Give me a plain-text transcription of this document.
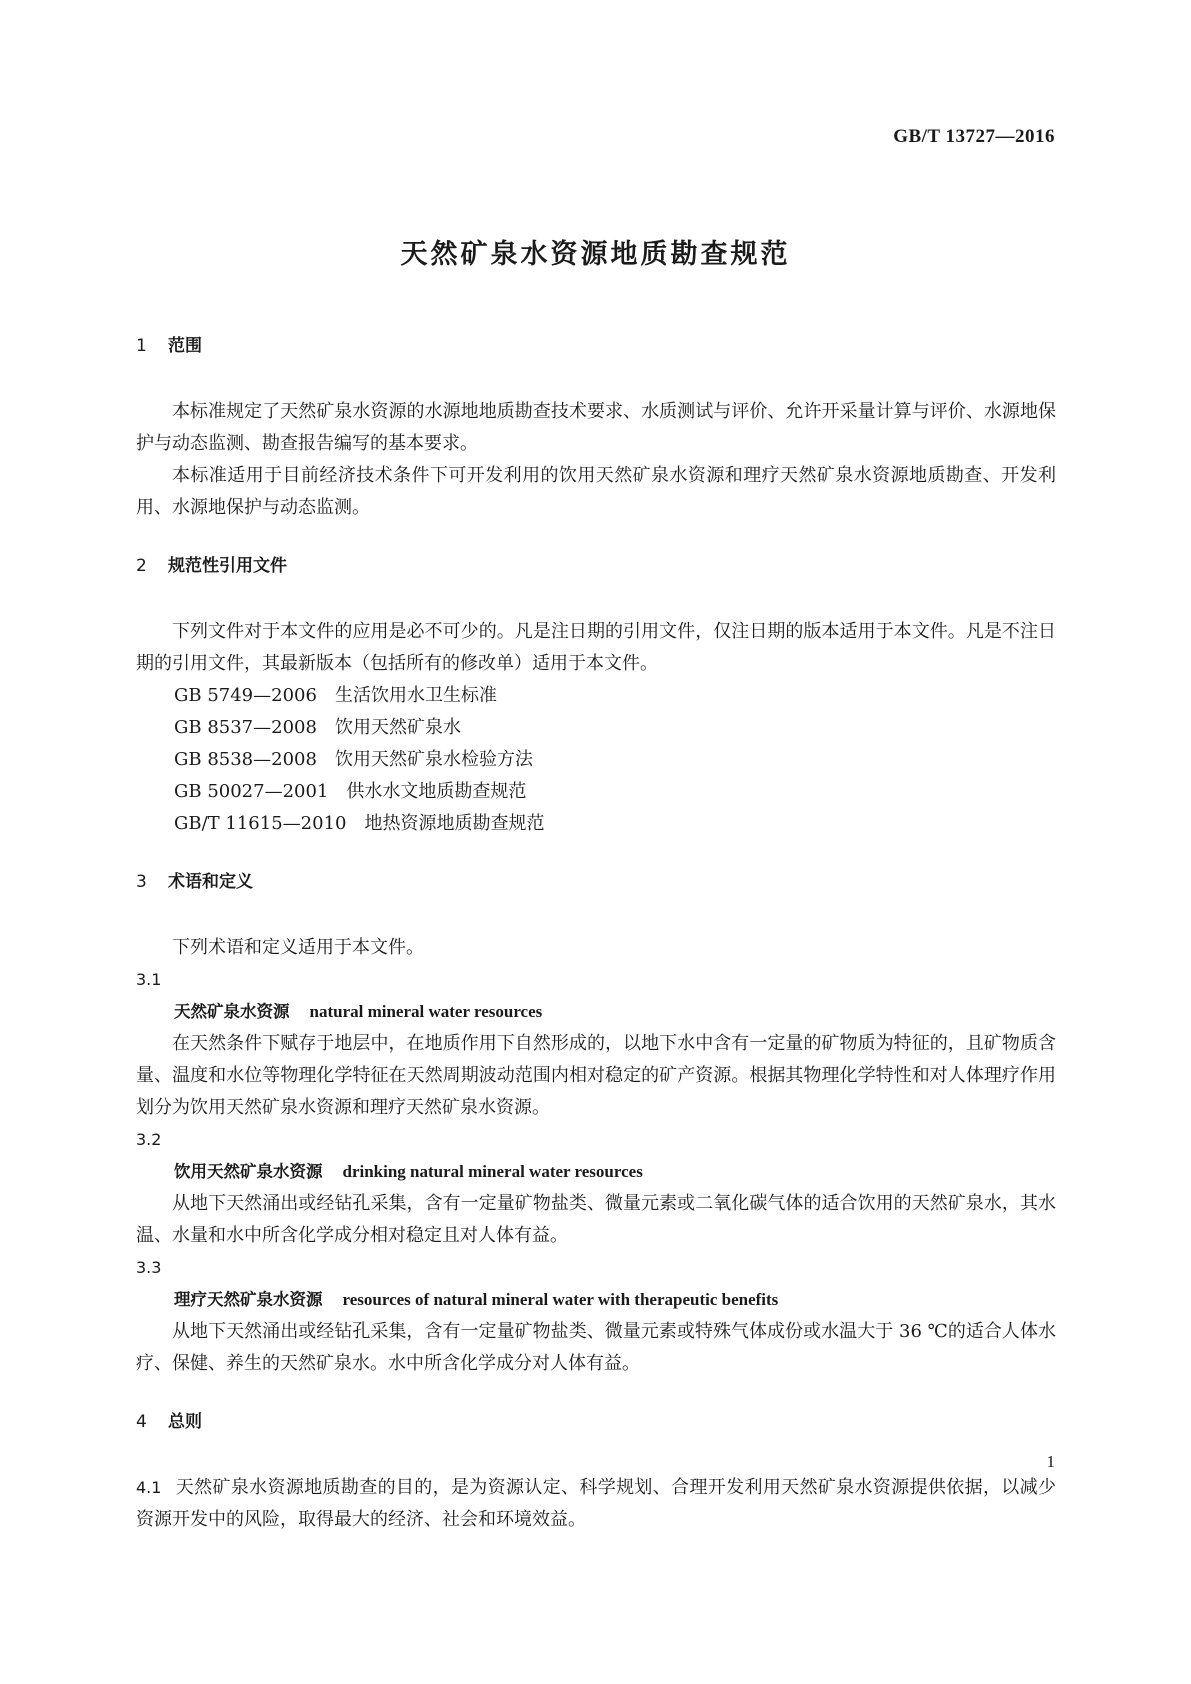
GB/T 13727—2016
天然矿泉水资源地质勘查规范
1 范围

本标准规定了天然矿泉水资源的水源地地质勘查技术要求、水质测试与评价、允许开采量计算与评价、水源地保护与动态监测、勘查报告编写的基本要求。

本标准适用于目前经济技术条件下可开发利用的饮用天然矿泉水资源和理疗天然矿泉水资源地质勘查、开发利用、水源地保护与动态监测。

2 规范性引用文件

下列文件对于本文件的应用是必不可少的。凡是注日期的引用文件，仅注日期的版本适用于本文件。凡是不注日期的引用文件，其最新版本（包括所有的修改单）适用于本文件。

GB 5749—2006 生活饮用水卫生标准

GB 8537—2008 饮用天然矿泉水

GB 8538—2008 饮用天然矿泉水检验方法

GB 50027—2001 供水水文地质勘查规范

GB/T 11615—2010 地热资源地质勘查规范

3 术语和定义

下列术语和定义适用于本文件。

3.1

天然矿泉水资源 natural mineral water resources

在天然条件下赋存于地层中，在地质作用下自然形成的，以地下水中含有一定量的矿物质为特征的，且矿物质含量、温度和水位等物理化学特征在天然周期波动范围内相对稳定的矿产资源。根据其物理化学特性和对人体理疗作用划分为饮用天然矿泉水资源和理疗天然矿泉水资源。

3.2

饮用天然矿泉水资源 drinking natural mineral water resources

从地下天然涌出或经钻孔采集，含有一定量矿物盐类、微量元素或二氧化碳气体的适合饮用的天然矿泉水，其水温、水量和水中所含化学成分相对稳定且对人体有益。

3.3

理疗天然矿泉水资源 resources of natural mineral water with therapeutic benefits

从地下天然涌出或经钻孔采集，含有一定量矿物盐类、微量元素或特殊气体成份或水温大于 36 ℃的适合人体水疗、保健、养生的天然矿泉水。水中所含化学成分对人体有益。

4 总则

4.1 天然矿泉水资源地质勘查的目的，是为资源认定、科学规划、合理开发利用天然矿泉水资源提供依据，以减少资源开发中的风险，取得最大的经济、社会和环境效益。

1
